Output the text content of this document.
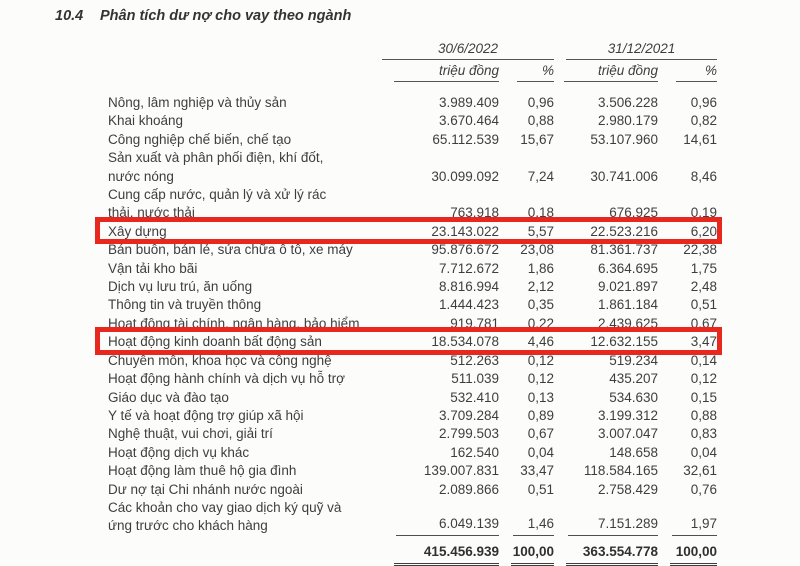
10.4 Phân tích dư nợ cho vay theo ngành
30/6/2022	31/12/2021
triệu đồng	%	triệu đồng	%
Nông, lâm nghiệp và thủy sản	3.989.409	0,96	3.506.228	0,96
Khai khoáng	3.670.464	0,88	2.980.179	0,82
Công nghiệp chế biến, chế tạo	65.112.539	15,67	53.107.960	14,61
Sản xuất và phân phối điện, khí đốt,
nước nóng	30.099.092	7,24	30.741.006	8,46
Cung cấp nước, quản lý và xử lý rác
thải, nước thải	763.918	0,18	676.925	0,19
Xây dựng	23.143.022	5,57	22.523.216	6,20
Bán buôn, bán lẻ, sửa chữa ô tô, xe máy	95.876.672	23,08	81.361.737	22,38
Vận tải kho bãi	7.712.672	1,86	6.364.695	1,75
Dịch vụ lưu trú, ăn uống	8.816.994	2,12	9.021.897	2,48
Thông tin và truyền thông	1.444.423	0,35	1.861.184	0,51
Hoạt động tài chính, ngân hàng, bảo hiểm	919.781	0,22	2.439.625	0,67
Hoạt động kinh doanh bất động sản	18.534.078	4,46	12.632.155	3,47
Chuyên môn, khoa học và công nghệ	512.263	0,12	519.234	0,14
Hoạt động hành chính và dịch vụ hỗ trợ	511.039	0,12	435.207	0,12
Giáo dục và đào tạo	532.410	0,13	534.630	0,15
Y tế và hoạt động trợ giúp xã hội	3.709.284	0,89	3.199.312	0,88
Nghệ thuật, vui chơi, giải trí	2.799.503	0,67	3.007.047	0,83
Hoạt động dịch vụ khác	162.540	0,04	148.658	0,04
Hoạt động làm thuê hộ gia đình	139.007.831	33,47	118.584.165	32,61
Dư nợ tại Chi nhánh nước ngoài	2.089.866	0,51	2.758.429	0,76
Các khoản cho vay giao dịch ký quỹ và
ứng trước cho khách hàng	6.049.139	1,46	7.151.289	1,97
415.456.939	100,00	363.554.778	100,00
